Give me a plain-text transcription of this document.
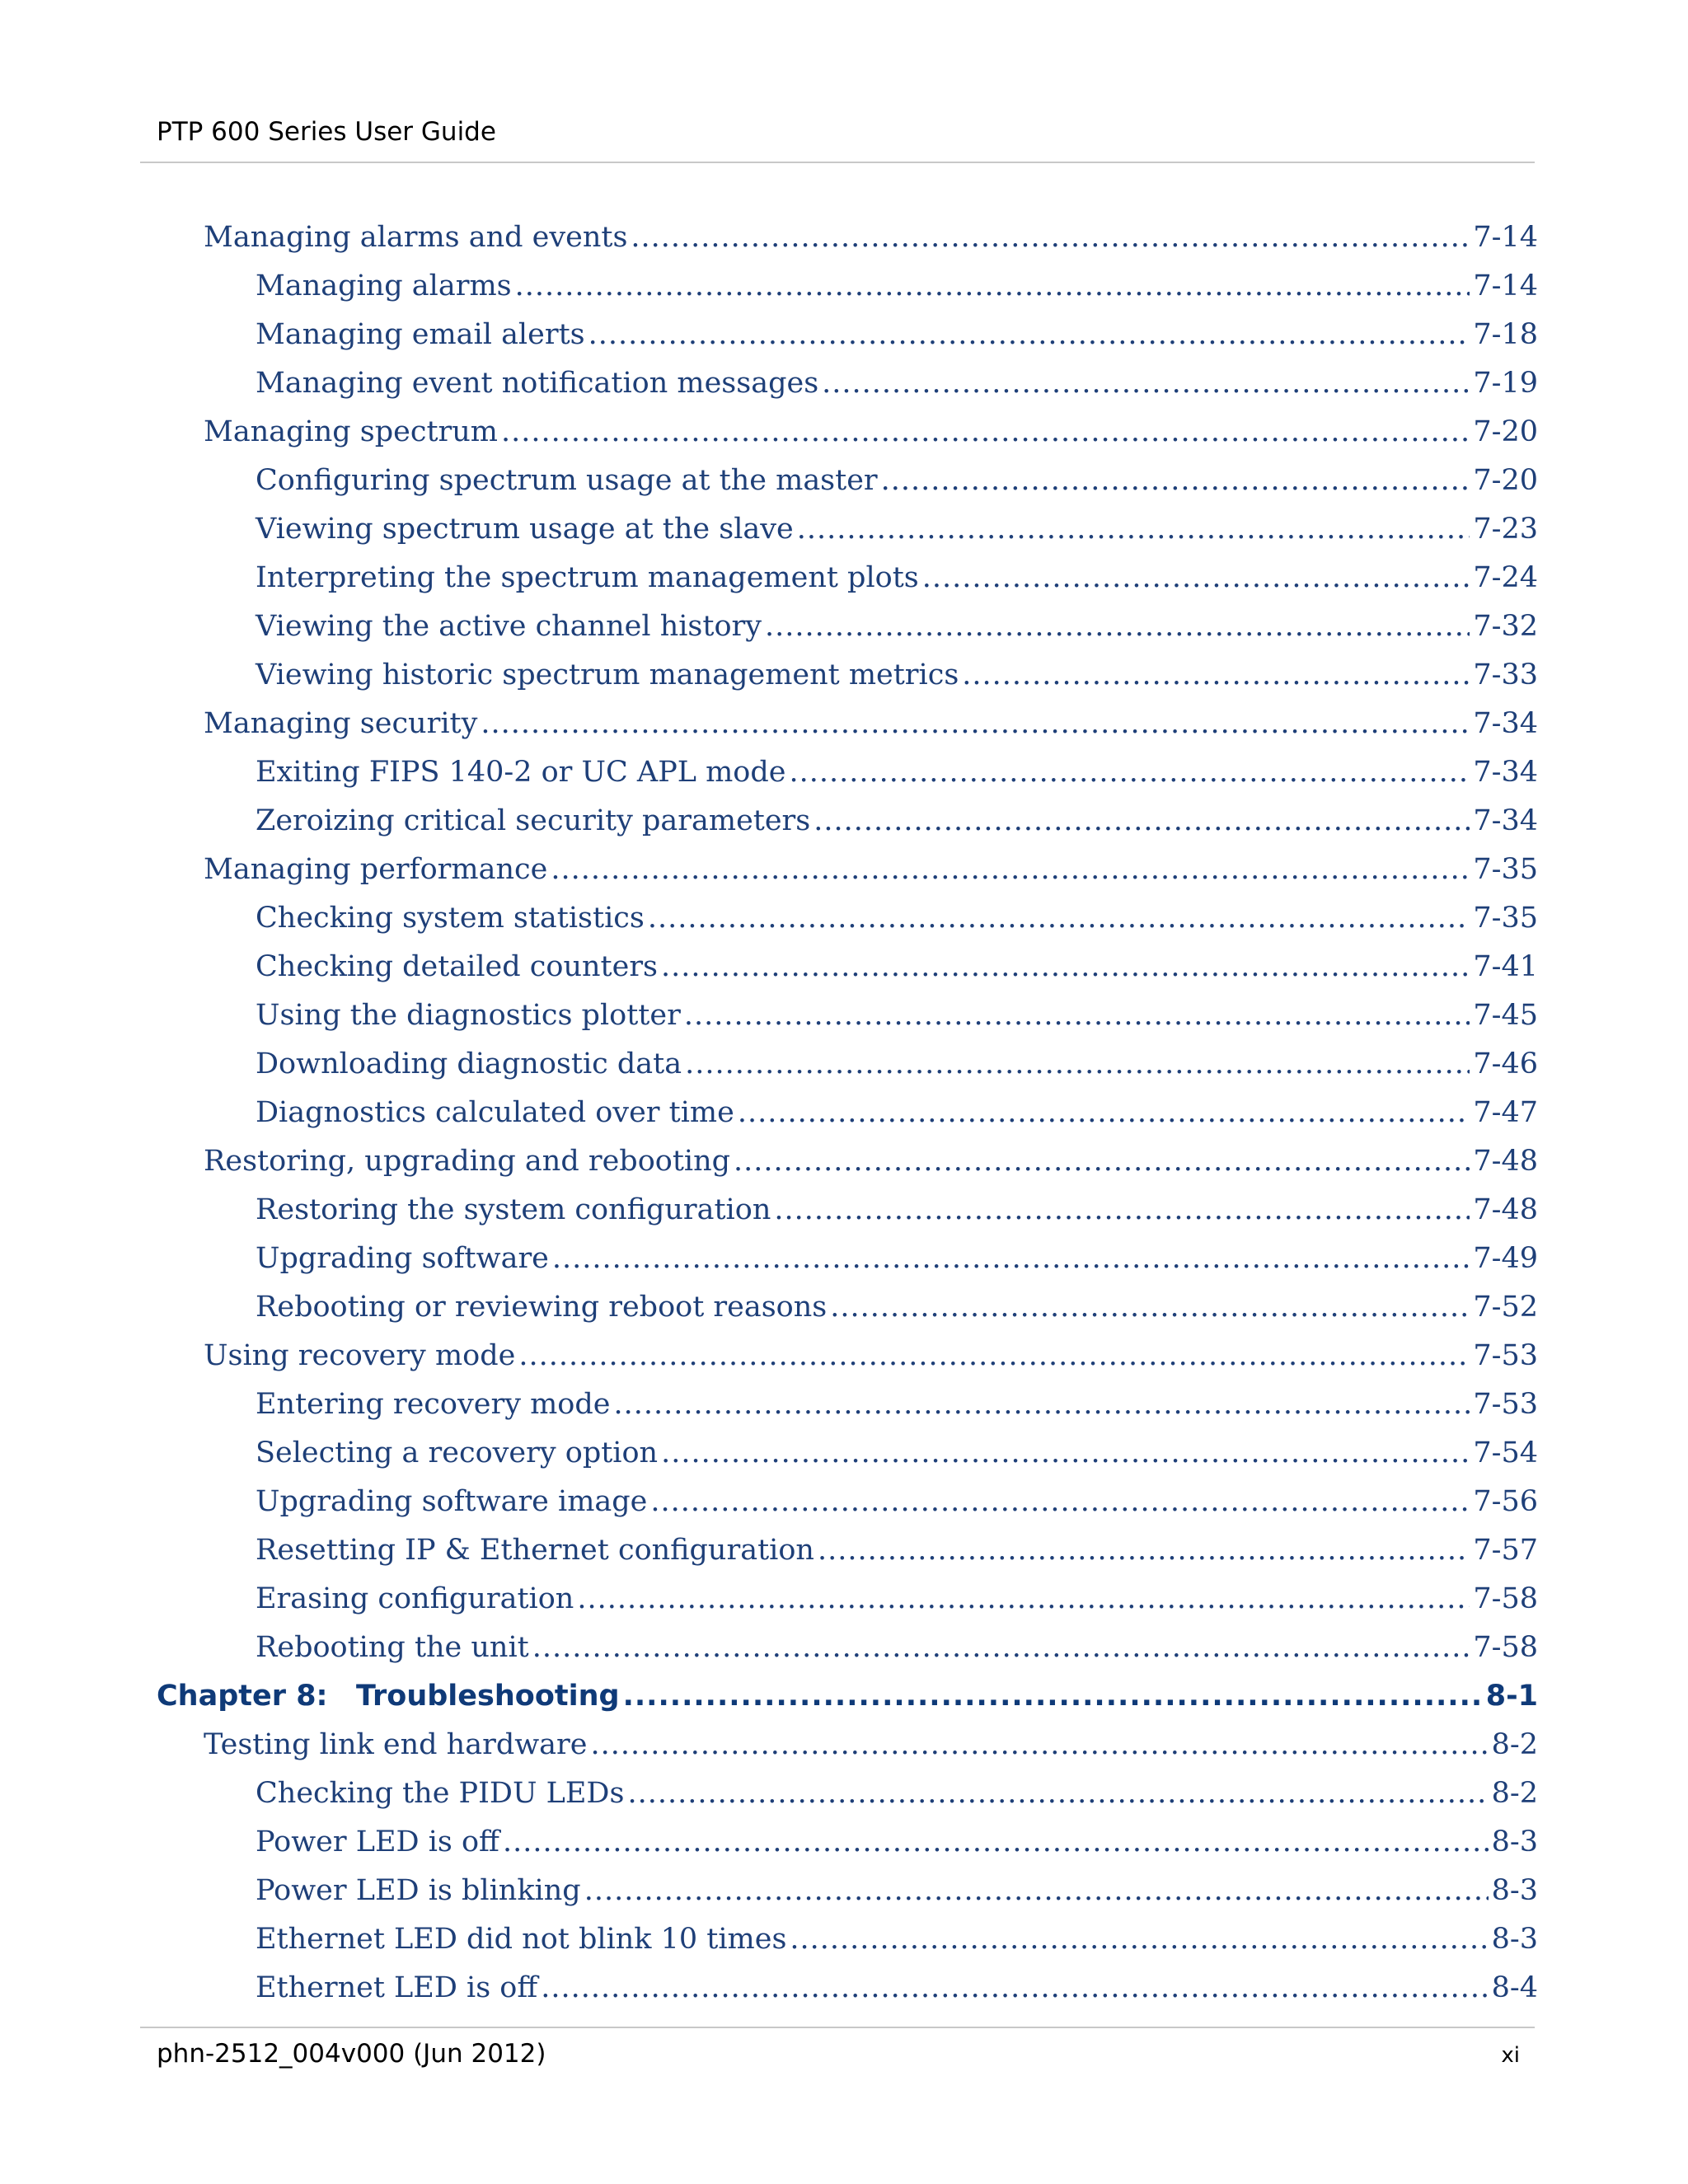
PTP 600 Series User Guide
Managing alarms and events .....	7-14
Managing alarms .....	7-14
Managing email alerts .....	7-18
Managing event notification messages .....	7-19
Managing spectrum .....	7-20
Configuring spectrum usage at the master .....	7-20
Viewing spectrum usage at the slave .....	7-23
Interpreting the spectrum management plots .....	7-24
Viewing the active channel history .....	7-32
Viewing historic spectrum management metrics .....	7-33
Managing security .....	7-34
Exiting FIPS 140-2 or UC APL mode .....	7-34
Zeroizing critical security parameters .....	7-34
Managing performance .....	7-35
Checking system statistics .....	7-35
Checking detailed counters .....	7-41
Using the diagnostics plotter .....	7-45
Downloading diagnostic data .....	7-46
Diagnostics calculated over time .....	7-47
Restoring, upgrading and rebooting .....	7-48
Restoring the system configuration .....	7-48
Upgrading software .....	7-49
Rebooting or reviewing reboot reasons .....	7-52
Using recovery mode .....	7-53
Entering recovery mode .....	7-53
Selecting a recovery option .....	7-54
Upgrading software image .....	7-56
Resetting IP & Ethernet configuration .....	7-57
Erasing configuration .....	7-58
Rebooting the unit .....	7-58
Chapter 8: Troubleshooting .....	8-1
Testing link end hardware .....	8-2
Checking the PIDU LEDs .....	8-2
Power LED is off .....	8-3
Power LED is blinking .....	8-3
Ethernet LED did not blink 10 times .....	8-3
Ethernet LED is off .....	8-4
phn-2512_004v000 (Jun 2012)	xi
